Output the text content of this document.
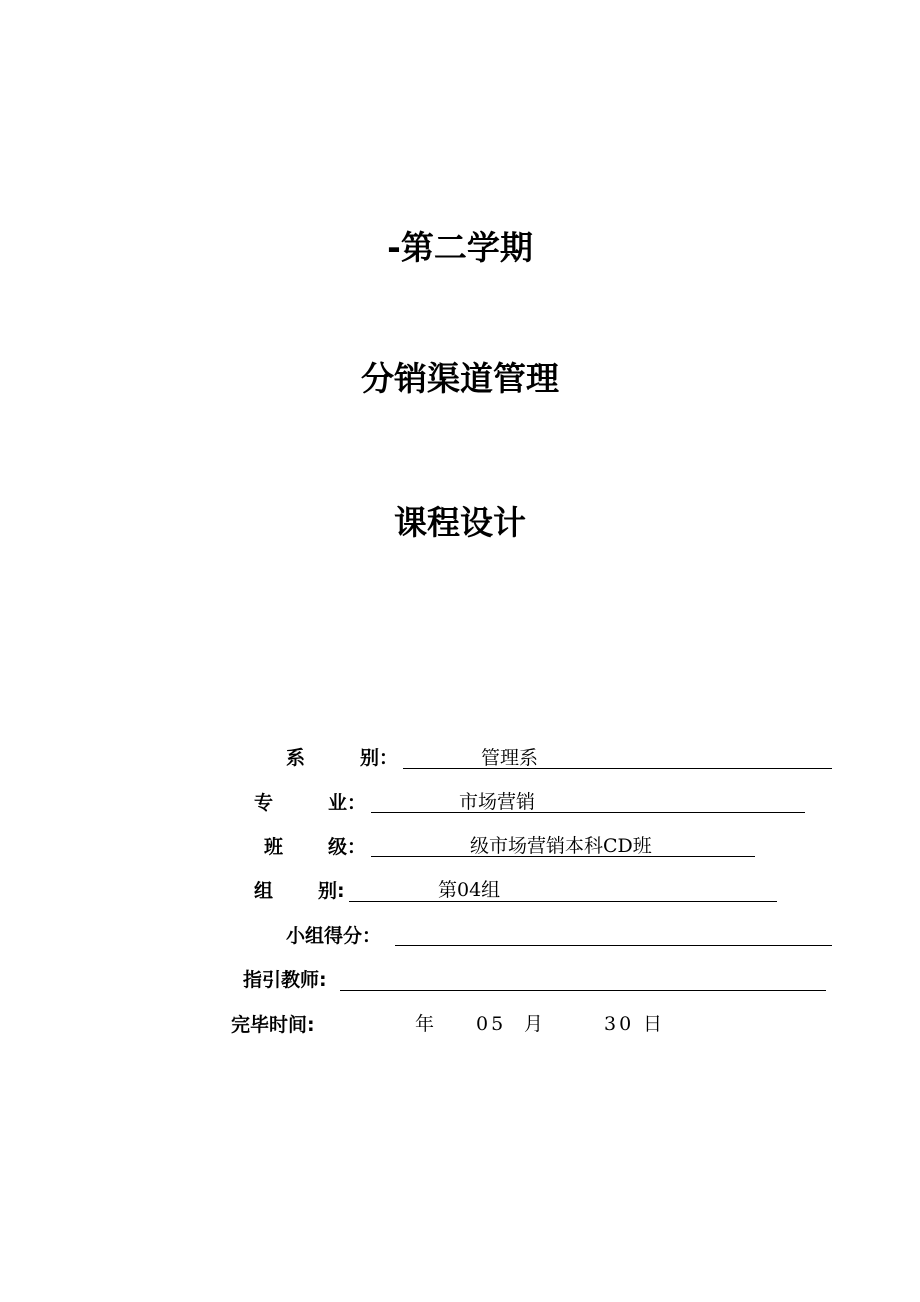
-第二学期
分销渠道管理
课程设计
系	别：	管理系
专	业：	市场营销
班 级：	级市场营销本科CD班
组 别:	第04组
小组得分：
指引教师:
完毕时间:	年 05 月	30 日
